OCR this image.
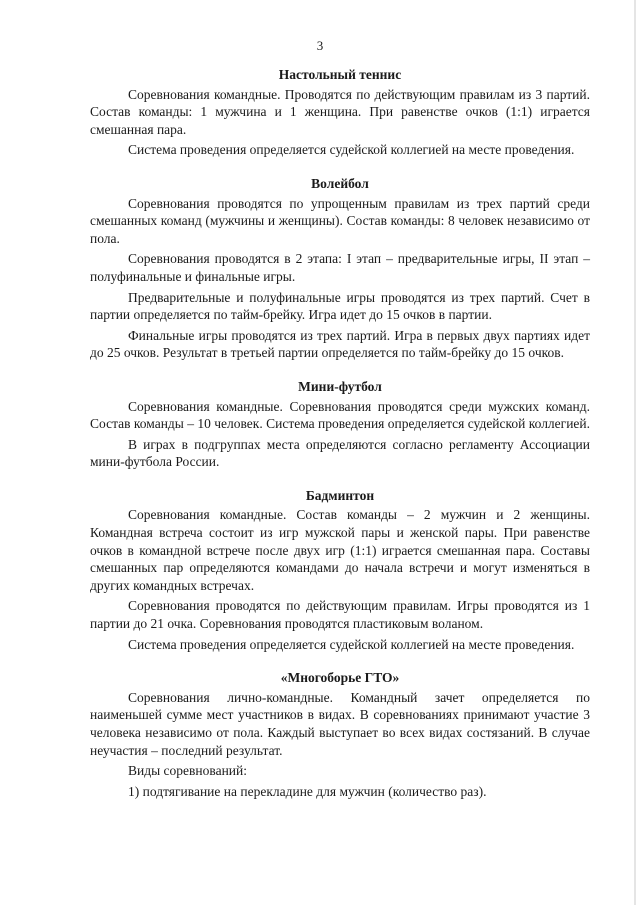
3
Настольный теннис

Соревнования командные. Проводятся по действующим правилам из 3 партий. Состав команды: 1 мужчина и 1 женщина. При равенстве очков (1:1) играется смешанная пара.

Система проведения определяется судейской коллегией на месте проведения.

Волейбол

Соревнования проводятся по упрощенным правилам из трех партий среди смешанных команд (мужчины и женщины). Состав команды: 8 человек независимо от пола.

Соревнования проводятся в 2 этапа: I этап – предварительные игры, II этап – полуфинальные и финальные игры.

Предварительные и полуфинальные игры проводятся из трех партий. Счет в партии определяется по тайм-брейку. Игра идет до 15 очков в партии.

Финальные игры проводятся из трех партий. Игра в первых двух партиях идет до 25 очков. Результат в третьей партии определяется по тайм-брейку до 15 очков.

Мини-футбол

Соревнования командные. Соревнования проводятся среди мужских команд. Состав команды – 10 человек. Система проведения определяется судейской коллегией.

В играх в подгруппах места определяются согласно регламенту Ассоциации мини-футбола России.

Бадминтон

Соревнования командные. Состав команды – 2 мужчин и 2 женщины. Командная встреча состоит из игр мужской пары и женской пары. При равенстве очков в командной встрече после двух игр (1:1) играется смешанная пара. Составы смешанных пар определяются командами до начала встречи и могут изменяться в других командных встречах.

Соревнования проводятся по действующим правилам. Игры проводятся из 1 партии до 21 очка. Соревнования проводятся пластиковым воланом.

Система проведения определяется судейской коллегией на месте проведения.

«Многоборье ГТО»

Соревнования лично-командные. Командный зачет определяется по наименьшей сумме мест участников в видах. В соревнованиях принимают участие 3 человека независимо от пола. Каждый выступает во всех видах состязаний. В случае неучастия – последний результат.

Виды соревнований:

1) подтягивание на перекладине для мужчин (количество раз).
